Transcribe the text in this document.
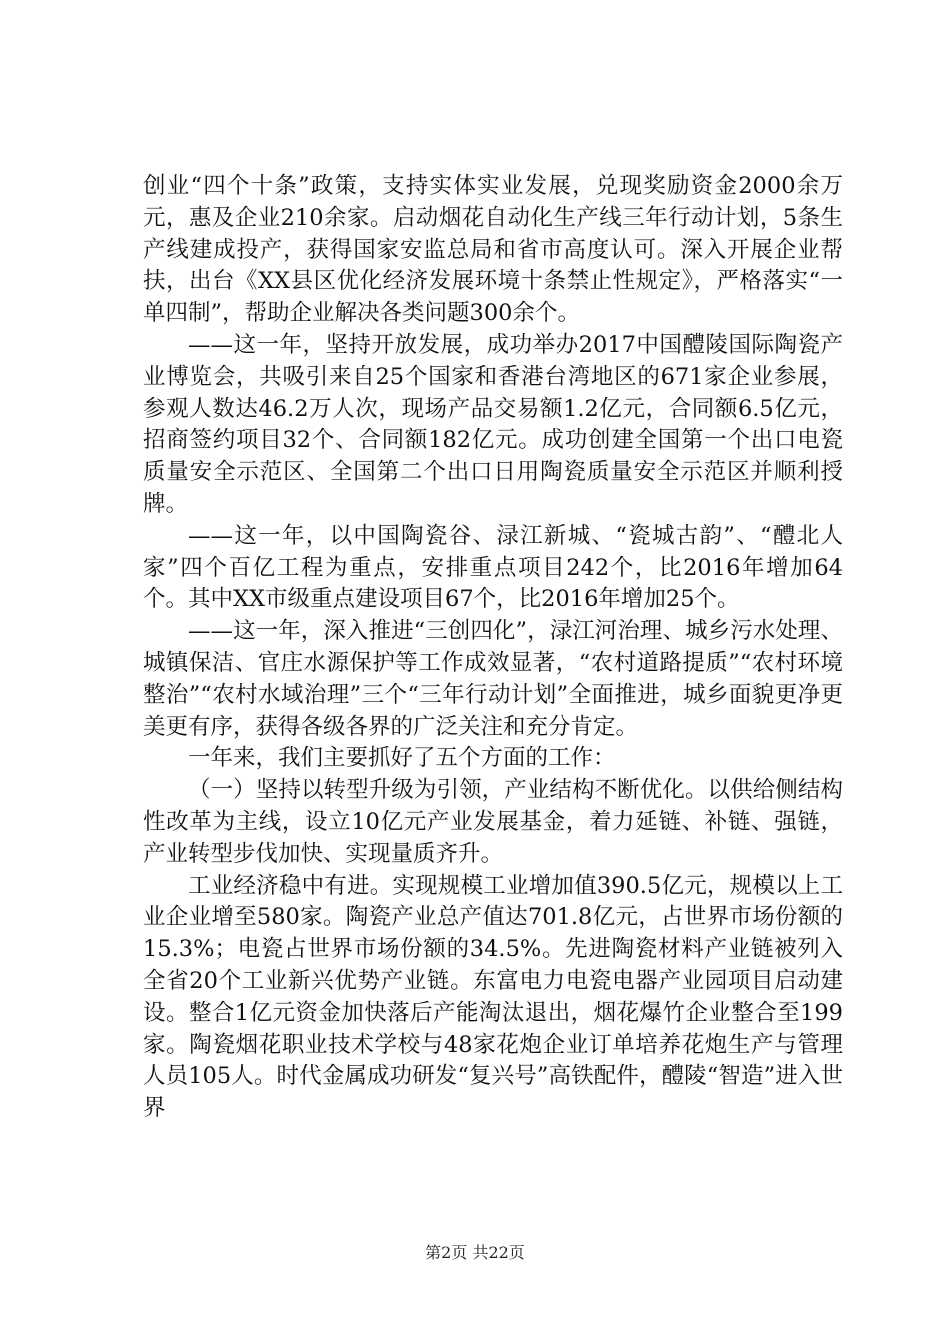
创业“四个十条”政策，支持实体实业发展，兑现奖励资金2000余万元，惠及企业210余家。启动烟花自动化生产线三年行动计划，5条生产线建成投产，获得国家安监总局和省市高度认可。深入开展企业帮扶，出台《XX县区优化经济发展环境十条禁止性规定》，严格落实“一单四制”，帮助企业解决各类问题300余个。

——这一年，坚持开放发展，成功举办2017中国醴陵国际陶瓷产业博览会，共吸引来自25个国家和香港台湾地区的671家企业参展，参观人数达46.2万人次，现场产品交易额1.2亿元，合同额6.5亿元，招商签约项目32个、合同额182亿元。成功创建全国第一个出口电瓷质量安全示范区、全国第二个出口日用陶瓷质量安全示范区并顺利授牌。

——这一年，以中国陶瓷谷、渌江新城、“瓷城古韵”、“醴北人家”四个百亿工程为重点，安排重点项目242个，比2016年增加64个。其中XX市级重点建设项目67个，比2016年增加25个。

——这一年，深入推进“三创四化”，渌江河治理、城乡污水处理、城镇保洁、官庄水源保护等工作成效显著，“农村道路提质”“农村环境整治”“农村水域治理”三个“三年行动计划”全面推进，城乡面貌更净更美更有序，获得各级各界的广泛关注和充分肯定。

一年来，我们主要抓好了五个方面的工作：

（一）坚持以转型升级为引领，产业结构不断优化。以供给侧结构性改革为主线，设立10亿元产业发展基金，着力延链、补链、强链，产业转型步伐加快、实现量质齐升。

工业经济稳中有进。实现规模工业增加值390.5亿元，规模以上工业企业增至580家。陶瓷产业总产值达701.8亿元，占世界市场份额的15.3%；电瓷占世界市场份额的34.5%。先进陶瓷材料产业链被列入全省20个工业新兴优势产业链。东富电力电瓷电器产业园项目启动建设。整合1亿元资金加快落后产能淘汰退出，烟花爆竹企业整合至199家。陶瓷烟花职业技术学校与48家花炮企业订单培养花炮生产与管理人员105人。时代金属成功研发“复兴号”高铁配件，醴陵“智造”进入世界

第2页 共22页
